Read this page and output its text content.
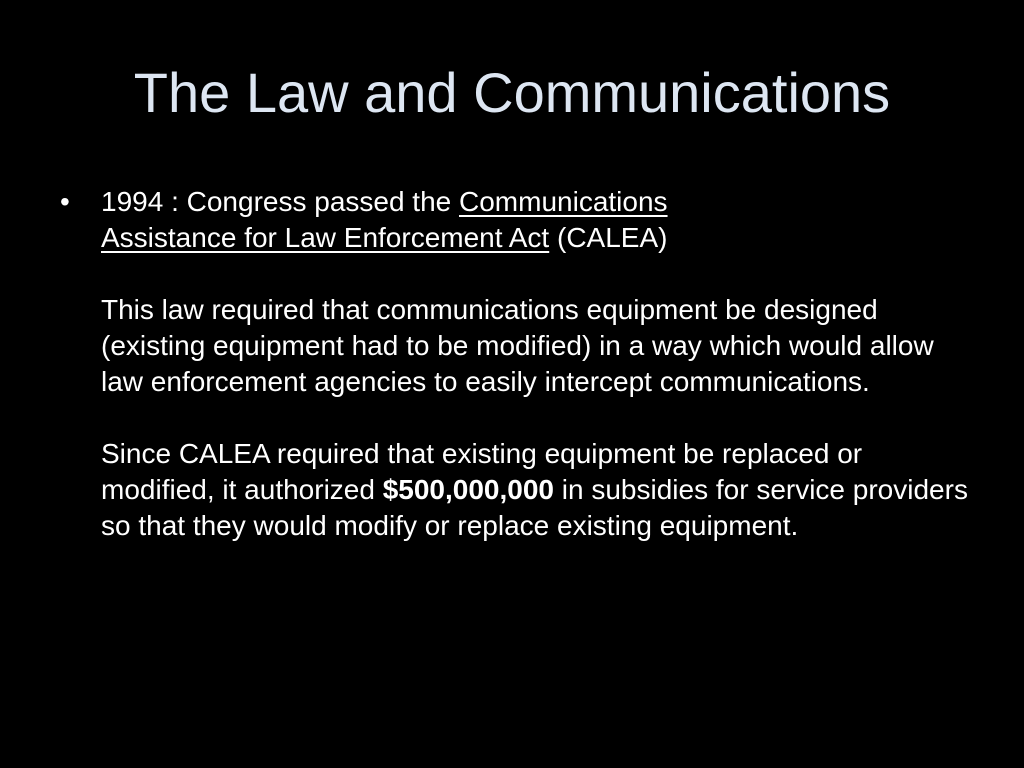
The Law and Communications
•	1994 : Congress passed the Communications
Assistance for Law Enforcement Act (CALEA)

This law required that communications equipment be designed (existing equipment had to be modified) in a way which would allow law enforcement agencies to easily intercept communications.

Since CALEA required that existing equipment be replaced or modified, it authorized $500,000,000 in subsidies for service providers so that they would modify or replace existing equipment.
